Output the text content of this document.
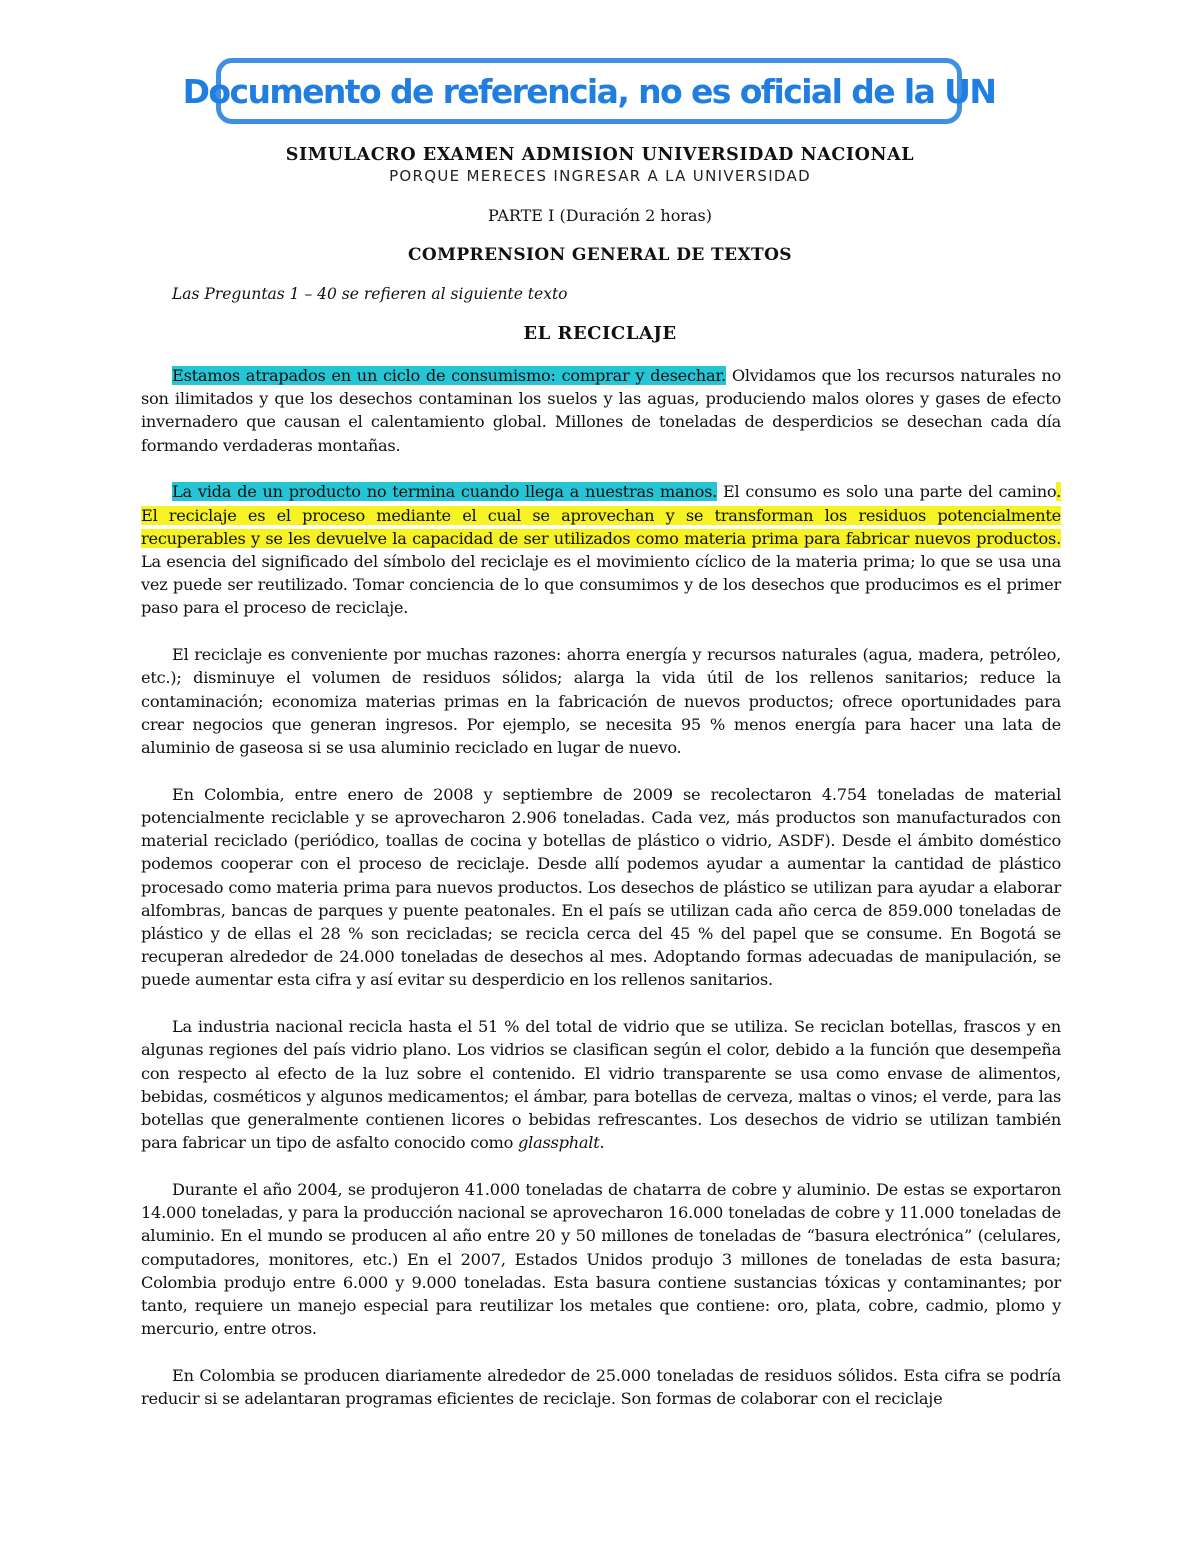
Documento de referencia, no es oficial de la UN
SIMULACRO EXAMEN ADMISION UNIVERSIDAD NACIONAL
PORQUE MERECES INGRESAR A LA UNIVERSIDAD
PARTE I (Duración 2 horas)
COMPRENSION GENERAL DE TEXTOS
Las Preguntas 1 – 40 se refieren al siguiente texto
EL RECICLAJE

Estamos atrapados en un ciclo de consumismo: comprar y desechar. Olvidamos que los recursos naturales no son ilimitados y que los desechos contaminan los suelos y las aguas, produciendo malos olores y gases de efecto invernadero que causan el calentamiento global. Millones de toneladas de desperdicios se desechan cada día formando verdaderas montañas.

La vida de un producto no termina cuando llega a nuestras manos. El consumo es solo una parte del camino. El reciclaje es el proceso mediante el cual se aprovechan y se transforman los residuos potencialmente recuperables y se les devuelve la capacidad de ser utilizados como materia prima para fabricar nuevos productos. La esencia del significado del símbolo del reciclaje es el movimiento cíclico de la materia prima; lo que se usa una vez puede ser reutilizado. Tomar conciencia de lo que consumimos y de los desechos que producimos es el primer paso para el proceso de reciclaje.

El reciclaje es conveniente por muchas razones: ahorra energía y recursos naturales (agua, madera, petróleo, etc.); disminuye el volumen de residuos sólidos; alarga la vida útil de los rellenos sanitarios; reduce la contaminación; economiza materias primas en la fabricación de nuevos productos; ofrece oportunidades para crear negocios que generan ingresos. Por ejemplo, se necesita 95 % menos energía para hacer una lata de aluminio de gaseosa si se usa aluminio reciclado en lugar de nuevo.

En Colombia, entre enero de 2008 y septiembre de 2009 se recolectaron 4.754 toneladas de material potencialmente reciclable y se aprovecharon 2.906 toneladas. Cada vez, más productos son manufacturados con material reciclado (periódico, toallas de cocina y botellas de plástico o vidrio, ASDF). Desde el ámbito doméstico podemos cooperar con el proceso de reciclaje. Desde allí podemos ayudar a aumentar la cantidad de plástico procesado como materia prima para nuevos productos. Los desechos de plástico se utilizan para ayudar a elaborar alfombras, bancas de parques y puente peatonales. En el país se utilizan cada año cerca de 859.000 toneladas de plástico y de ellas el 28 % son recicladas; se recicla cerca del 45 % del papel que se consume. En Bogotá se recuperan alrededor de 24.000 toneladas de desechos al mes. Adoptando formas adecuadas de manipulación, se puede aumentar esta cifra y así evitar su desperdicio en los rellenos sanitarios.

La industria nacional recicla hasta el 51 % del total de vidrio que se utiliza. Se reciclan botellas, frascos y en algunas regiones del país vidrio plano. Los vidrios se clasifican según el color, debido a la función que desempeña con respecto al efecto de la luz sobre el contenido. El vidrio transparente se usa como envase de alimentos, bebidas, cosméticos y algunos medicamentos; el ámbar, para botellas de cerveza, maltas o vinos; el verde, para las botellas que generalmente contienen licores o bebidas refrescantes. Los desechos de vidrio se utilizan también para fabricar un tipo de asfalto conocido como glassphalt.

Durante el año 2004, se produjeron 41.000 toneladas de chatarra de cobre y aluminio. De estas se exportaron 14.000 toneladas, y para la producción nacional se aprovecharon 16.000 toneladas de cobre y 11.000 toneladas de aluminio. En el mundo se producen al año entre 20 y 50 millones de toneladas de “basura electrónica” (celulares, computadores, monitores, etc.) En el 2007, Estados Unidos produjo 3 millones de toneladas de esta basura; Colombia produjo entre 6.000 y 9.000 toneladas. Esta basura contiene sustancias tóxicas y contaminantes; por tanto, requiere un manejo especial para reutilizar los metales que contiene: oro, plata, cobre, cadmio, plomo y mercurio, entre otros.

En Colombia se producen diariamente alrededor de 25.000 toneladas de residuos sólidos. Esta cifra se podría reducir si se adelantaran programas eficientes de reciclaje. Son formas de colaborar con el reciclaje
